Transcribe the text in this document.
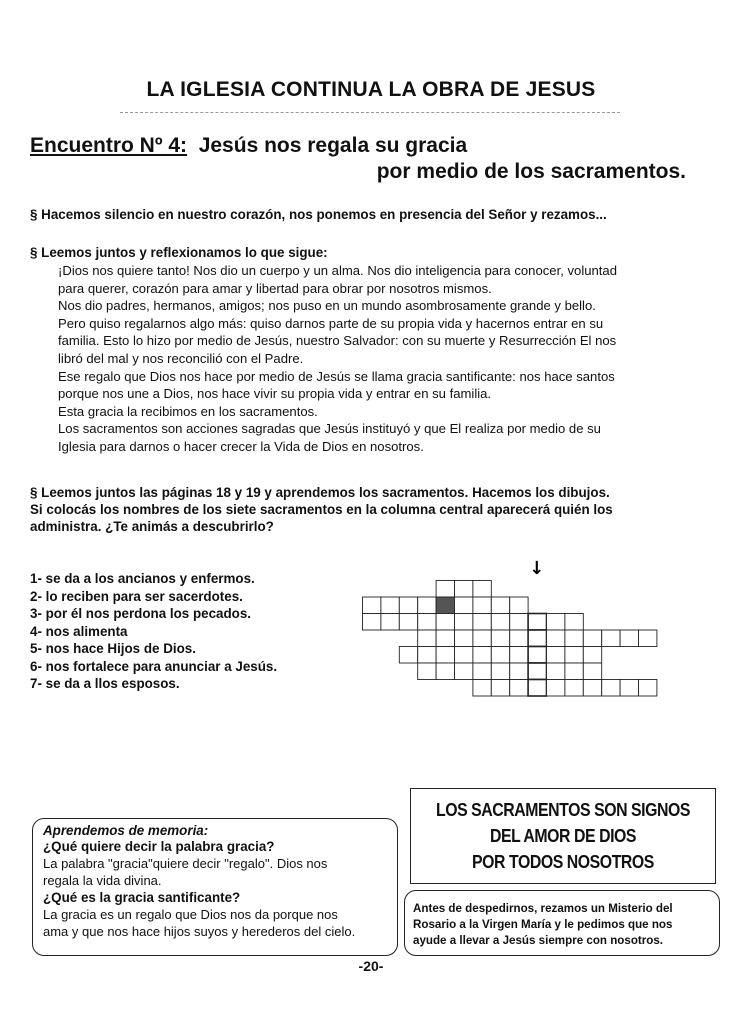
LA IGLESIA CONTINUA LA OBRA DE JESUS
Encuentro Nº 4: Jesús nos regala su gracia
por medio de los sacramentos.
§ Hacemos silencio en nuestro corazón, nos ponemos en presencia del Señor y rezamos...
§ Leemos juntos y reflexionamos lo que sigue:
¡Dios nos quiere tanto! Nos dio un cuerpo y un alma. Nos dio inteligencia para conocer, voluntad
para querer, corazón para amar y libertad para obrar por nosotros mismos.
Nos dio padres, hermanos, amigos; nos puso en un mundo asombrosamente grande y bello.
Pero quiso regalarnos algo más: quiso darnos parte de su propia vida y hacernos entrar en su
familia. Esto lo hizo por medio de Jesús, nuestro Salvador: con su muerte y Resurrección El nos
libró del mal y nos reconcilió con el Padre.
Ese regalo que Dios nos hace por medio de Jesús se llama gracia santificante: nos hace santos
porque nos une a Dios, nos hace vivir su propia vida y entrar en su familia.
Esta gracia la recibimos en los sacramentos.
Los sacramentos son acciones sagradas que Jesús instituyó y que El realiza por medio de su
Iglesia para darnos o hacer crecer la Vida de Dios en nosotros.
§ Leemos juntos las páginas 18 y 19 y aprendemos los sacramentos. Hacemos los dibujos.
Si colocás los nombres de los siete sacramentos en la columna central aparecerá quién los
administra. ¿Te animás a descubrirlo?
1- se da a los ancianos y enfermos.
2- lo reciben para ser sacerdotes.
3- por él nos perdona los pecados.
4- nos alimenta
5- nos hace Hijos de Dios.
6- nos fortalece para anunciar a Jesús.
7- se da a llos esposos.
↓
Aprendemos de memoria:
¿Qué quiere decir la palabra gracia?
La palabra "gracia"quiere decir "regalo". Dios nos
regala la vida divina.
¿Qué es la gracia santificante?
La gracia es un regalo que Dios nos da porque nos
ama y que nos hace hijos suyos y herederos del cielo.
LOS SACRAMENTOS SON SIGNOS
DEL AMOR DE DIOS
POR TODOS NOSOTROS
Antes de despedirnos, rezamos un Misterio del
Rosario a la Virgen María y le pedimos que nos
ayude a llevar a Jesús siempre con nosotros.
-20-
